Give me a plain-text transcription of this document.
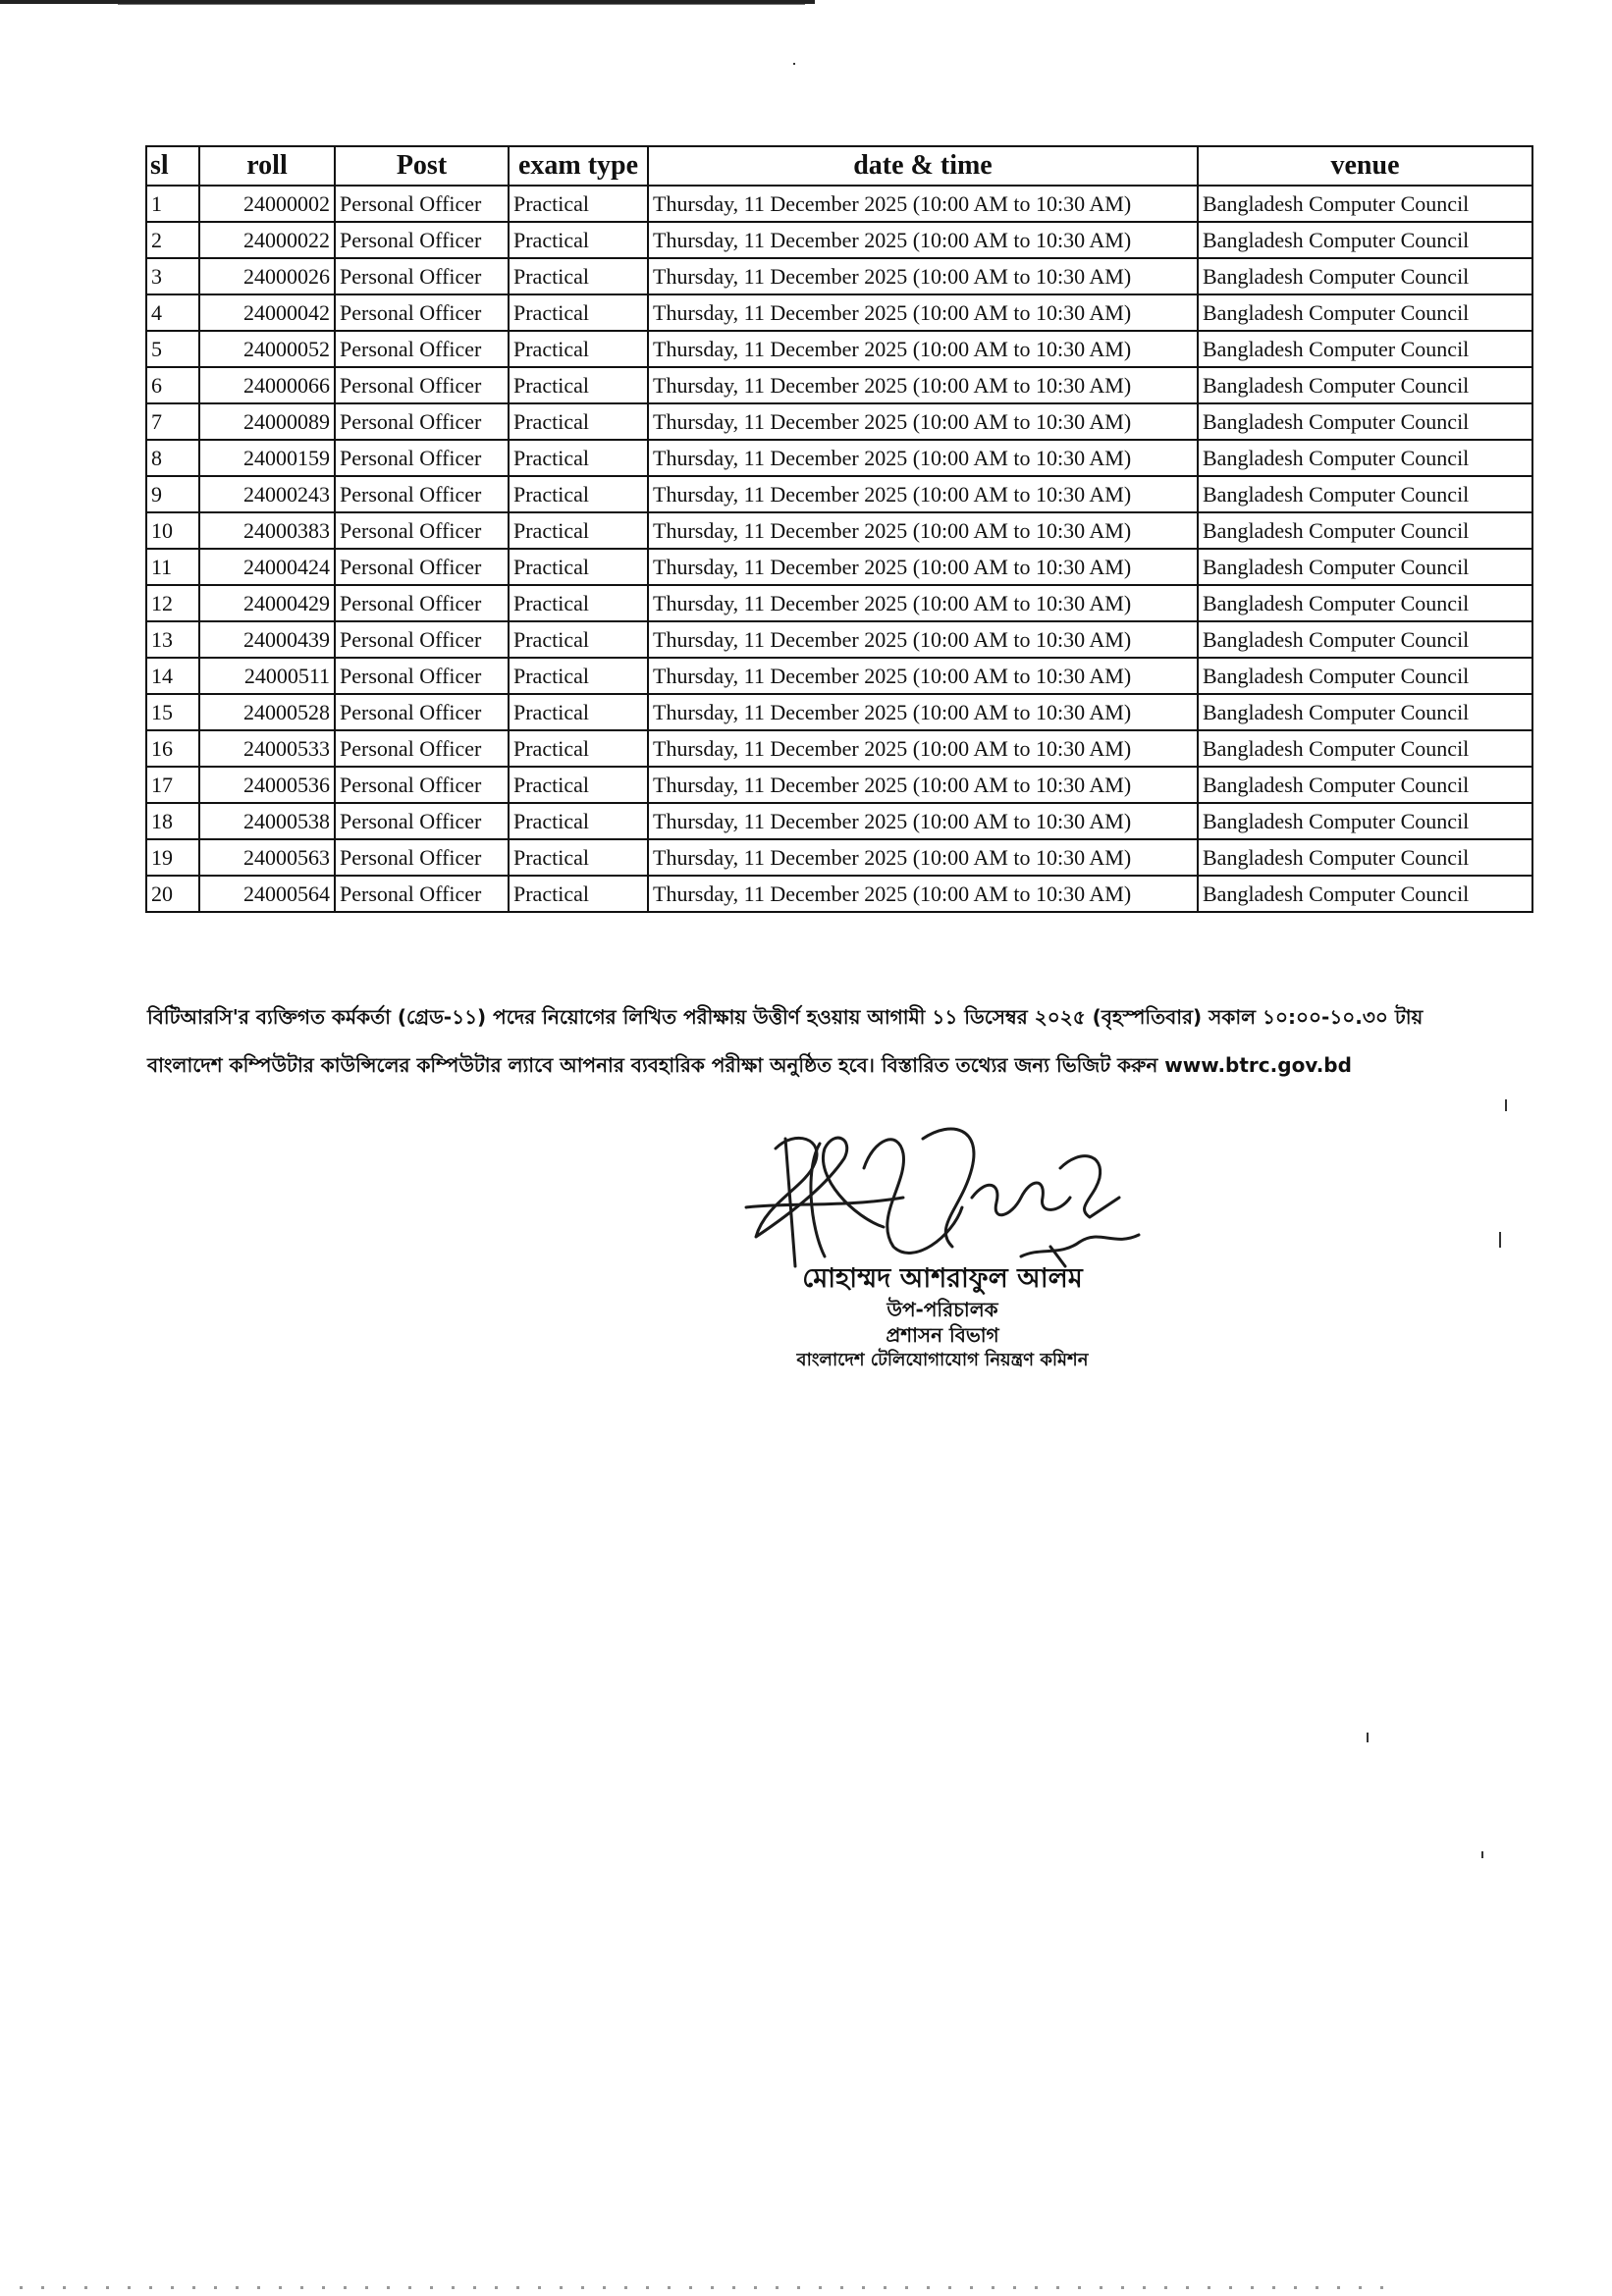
sl	roll	Post	exam type	date & time	venue
1	24000002	Personal Officer	Practical	Thursday, 11 December 2025 (10:00 AM to 10:30 AM)	Bangladesh Computer Council
2	24000022	Personal Officer	Practical	Thursday, 11 December 2025 (10:00 AM to 10:30 AM)	Bangladesh Computer Council
3	24000026	Personal Officer	Practical	Thursday, 11 December 2025 (10:00 AM to 10:30 AM)	Bangladesh Computer Council
4	24000042	Personal Officer	Practical	Thursday, 11 December 2025 (10:00 AM to 10:30 AM)	Bangladesh Computer Council
5	24000052	Personal Officer	Practical	Thursday, 11 December 2025 (10:00 AM to 10:30 AM)	Bangladesh Computer Council
6	24000066	Personal Officer	Practical	Thursday, 11 December 2025 (10:00 AM to 10:30 AM)	Bangladesh Computer Council
7	24000089	Personal Officer	Practical	Thursday, 11 December 2025 (10:00 AM to 10:30 AM)	Bangladesh Computer Council
8	24000159	Personal Officer	Practical	Thursday, 11 December 2025 (10:00 AM to 10:30 AM)	Bangladesh Computer Council
9	24000243	Personal Officer	Practical	Thursday, 11 December 2025 (10:00 AM to 10:30 AM)	Bangladesh Computer Council
10	24000383	Personal Officer	Practical	Thursday, 11 December 2025 (10:00 AM to 10:30 AM)	Bangladesh Computer Council
11	24000424	Personal Officer	Practical	Thursday, 11 December 2025 (10:00 AM to 10:30 AM)	Bangladesh Computer Council
12	24000429	Personal Officer	Practical	Thursday, 11 December 2025 (10:00 AM to 10:30 AM)	Bangladesh Computer Council
13	24000439	Personal Officer	Practical	Thursday, 11 December 2025 (10:00 AM to 10:30 AM)	Bangladesh Computer Council
14	24000511	Personal Officer	Practical	Thursday, 11 December 2025 (10:00 AM to 10:30 AM)	Bangladesh Computer Council
15	24000528	Personal Officer	Practical	Thursday, 11 December 2025 (10:00 AM to 10:30 AM)	Bangladesh Computer Council
16	24000533	Personal Officer	Practical	Thursday, 11 December 2025 (10:00 AM to 10:30 AM)	Bangladesh Computer Council
17	24000536	Personal Officer	Practical	Thursday, 11 December 2025 (10:00 AM to 10:30 AM)	Bangladesh Computer Council
18	24000538	Personal Officer	Practical	Thursday, 11 December 2025 (10:00 AM to 10:30 AM)	Bangladesh Computer Council
19	24000563	Personal Officer	Practical	Thursday, 11 December 2025 (10:00 AM to 10:30 AM)	Bangladesh Computer Council
20	24000564	Personal Officer	Practical	Thursday, 11 December 2025 (10:00 AM to 10:30 AM)	Bangladesh Computer Council

বিটিআরসি'র ব্যক্তিগত কর্মকর্তা (গ্রেড-১১) পদের নিয়োগের লিখিত পরীক্ষায় উত্তীর্ণ হওয়ায় আগামী ১১ ডিসেম্বর ২০২৫ (বৃহস্পতিবার) সকাল ১০:০০-১০.৩০ টায়

বাংলাদেশ কম্পিউটার কাউন্সিলের কম্পিউটার ল্যাবে আপনার ব্যবহারিক পরীক্ষা অনুষ্ঠিত হবে। বিস্তারিত তথ্যের জন্য ভিজিট করুন www.btrc.gov.bd

মোহাম্মদ আশরাফুল আলম
উপ-পরিচালক
প্রশাসন বিভাগ
বাংলাদেশ টেলিযোগাযোগ নিয়ন্ত্রণ কমিশন
